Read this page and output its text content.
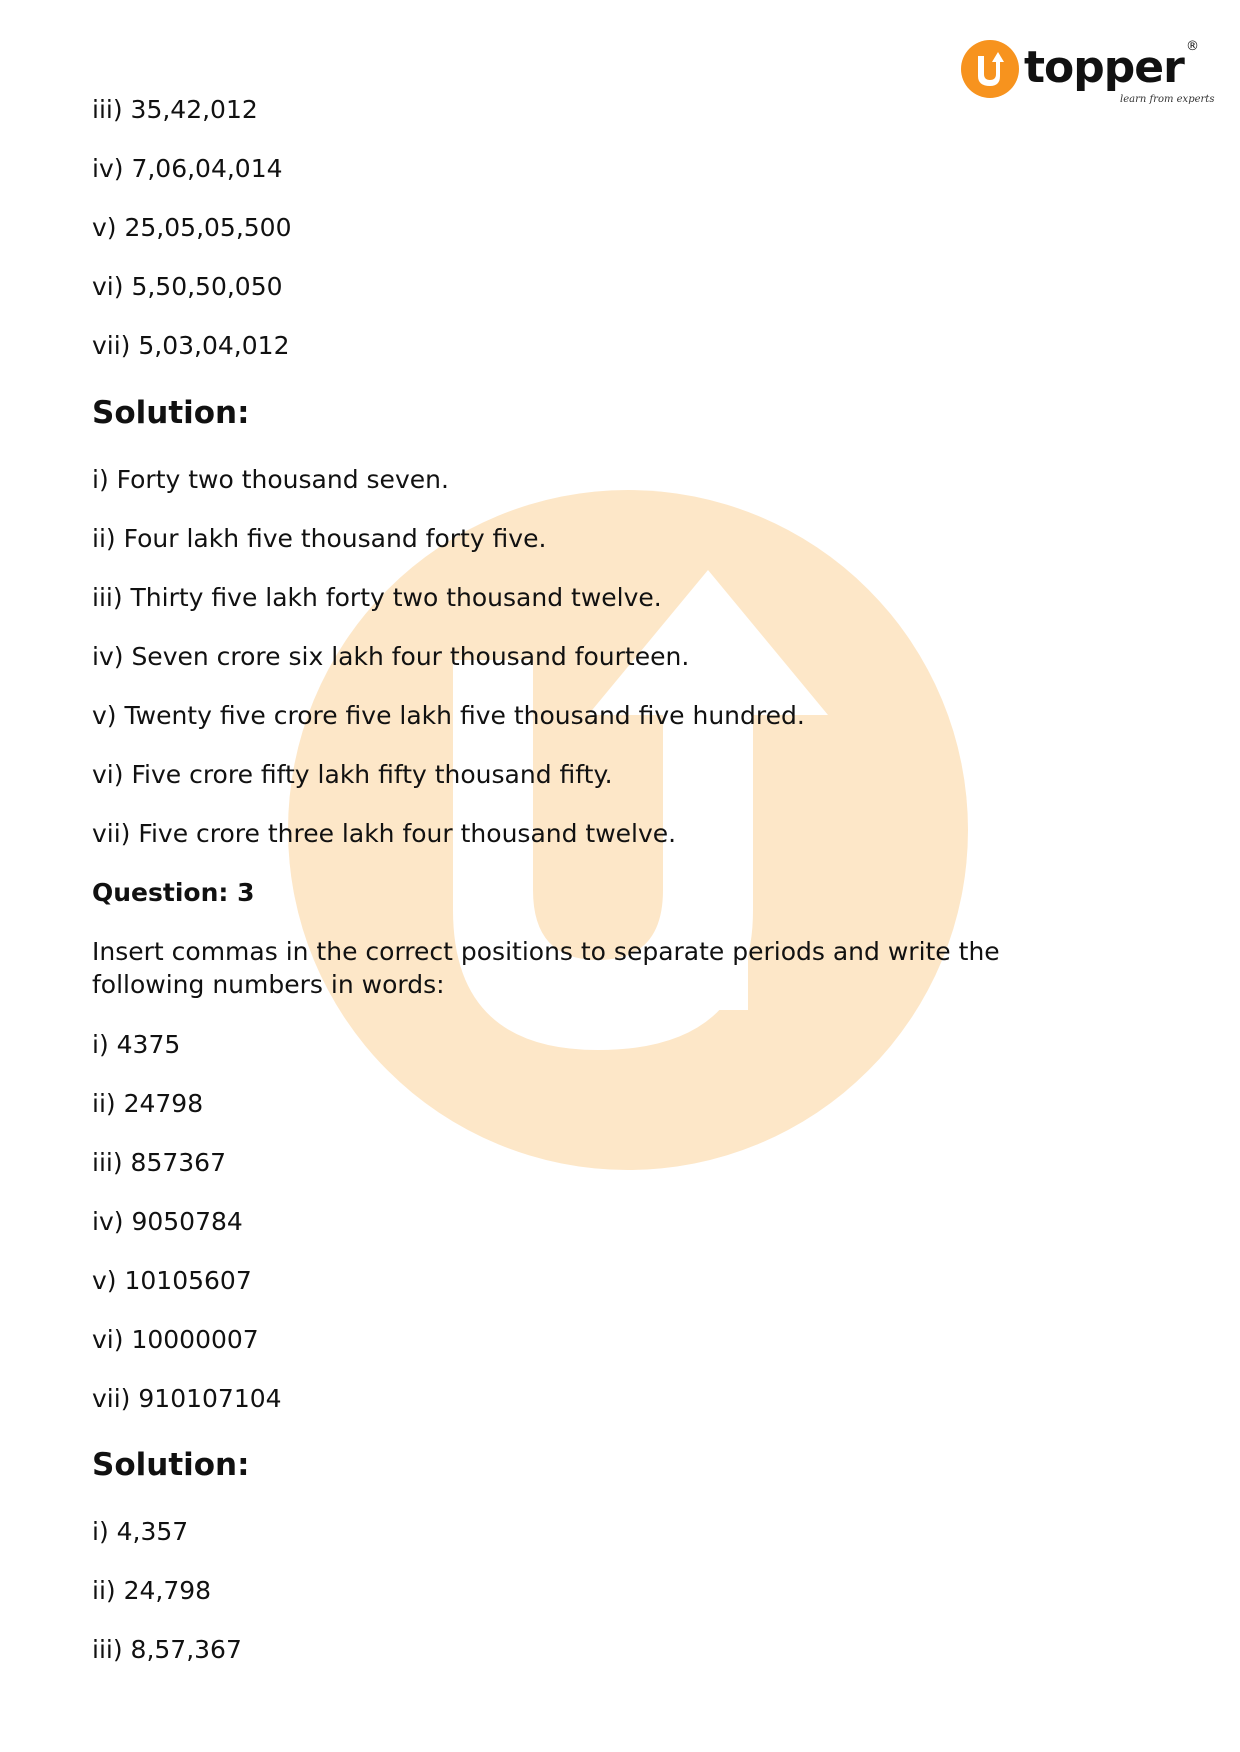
topper
learn from experts
®
iii) 35,42,012
iv) 7,06,04,014
v) 25,05,05,500
vi) 5,50,50,050
vii) 5,03,04,012
Solution:
i) Forty two thousand seven.
ii) Four lakh five thousand forty five.
iii) Thirty five lakh forty two thousand twelve.
iv) Seven crore six lakh four thousand fourteen.
v) Twenty five crore five lakh five thousand five hundred.
vi) Five crore fifty lakh fifty thousand fifty.
vii) Five crore three lakh four thousand twelve.
Question: 3
Insert commas in the correct positions to separate periods and write the following numbers in words:
i) 4375
ii) 24798
iii) 857367
iv) 9050784
v) 10105607
vi) 10000007
vii) 910107104
Solution:
i) 4,357
ii) 24,798
iii) 8,57,367
